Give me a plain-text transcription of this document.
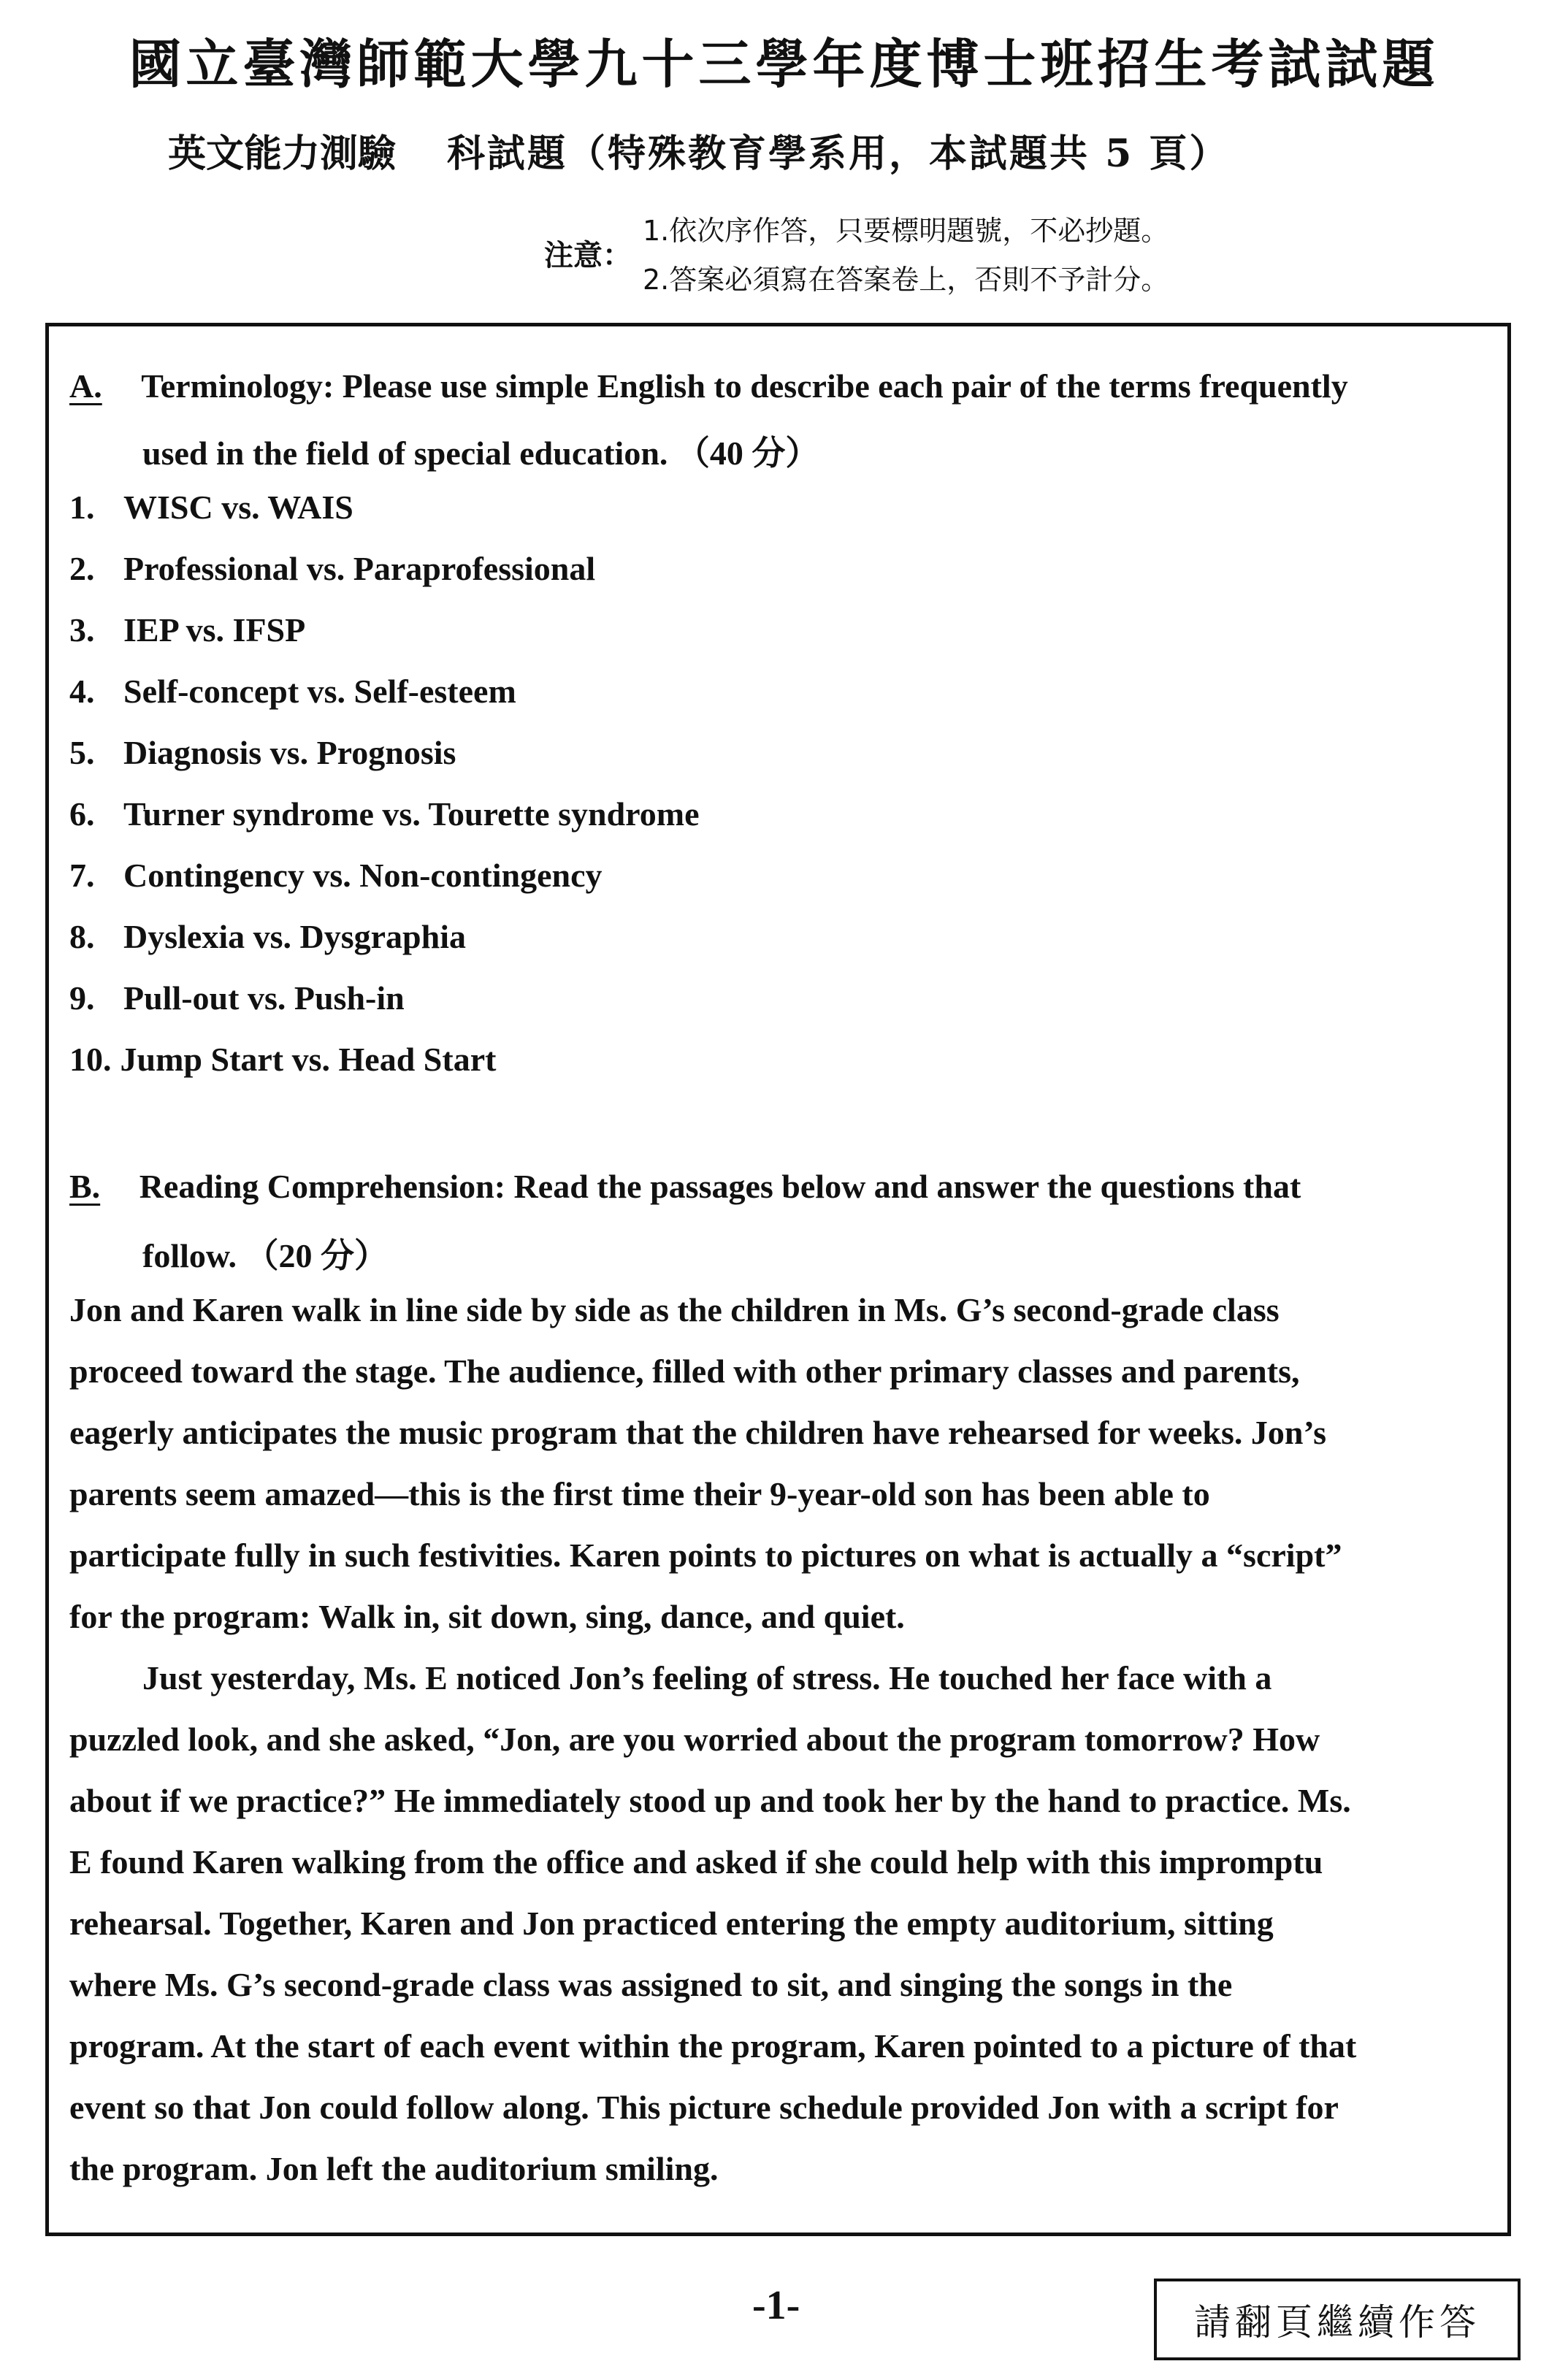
國立臺灣師範大學九十三學年度博士班招生考試試題
英文能力測驗 科試題（特殊教育學系用，本試題共 5 頁）
注意：
1.依次序作答，只要標明題號，不必抄題。
2.答案必須寫在答案卷上，否則不予計分。
A. Terminology: Please use simple English to describe each pair of the terms frequently
used in the field of special education. （40 分）
1. WISC vs. WAIS
2. Professional vs. Paraprofessional
3. IEP vs. IFSP
4. Self-concept vs. Self-esteem
5. Diagnosis vs. Prognosis
6. Turner syndrome vs. Tourette syndrome
7. Contingency vs. Non-contingency
8. Dyslexia vs. Dysgraphia
9. Pull-out vs. Push-in
10. Jump Start vs. Head Start
B. Reading Comprehension: Read the passages below and answer the questions that
follow. （20 分）
Jon and Karen walk in line side by side as the children in Ms. G’s second-grade class
proceed toward the stage. The audience, filled with other primary classes and parents,
eagerly anticipates the music program that the children have rehearsed for weeks. Jon’s
parents seem amazed—this is the first time their 9-year-old son has been able to
participate fully in such festivities. Karen points to pictures on what is actually a “script”
for the program: Walk in, sit down, sing, dance, and quiet.
Just yesterday, Ms. E noticed Jon’s feeling of stress. He touched her face with a
puzzled look, and she asked, “Jon, are you worried about the program tomorrow? How
about if we practice?” He immediately stood up and took her by the hand to practice. Ms.
E found Karen walking from the office and asked if she could help with this impromptu
rehearsal. Together, Karen and Jon practiced entering the empty auditorium, sitting
where Ms. G’s second-grade class was assigned to sit, and singing the songs in the
program. At the start of each event within the program, Karen pointed to a picture of that
event so that Jon could follow along. This picture schedule provided Jon with a script for
the program. Jon left the auditorium smiling.
-1-	請翻頁繼續作答
